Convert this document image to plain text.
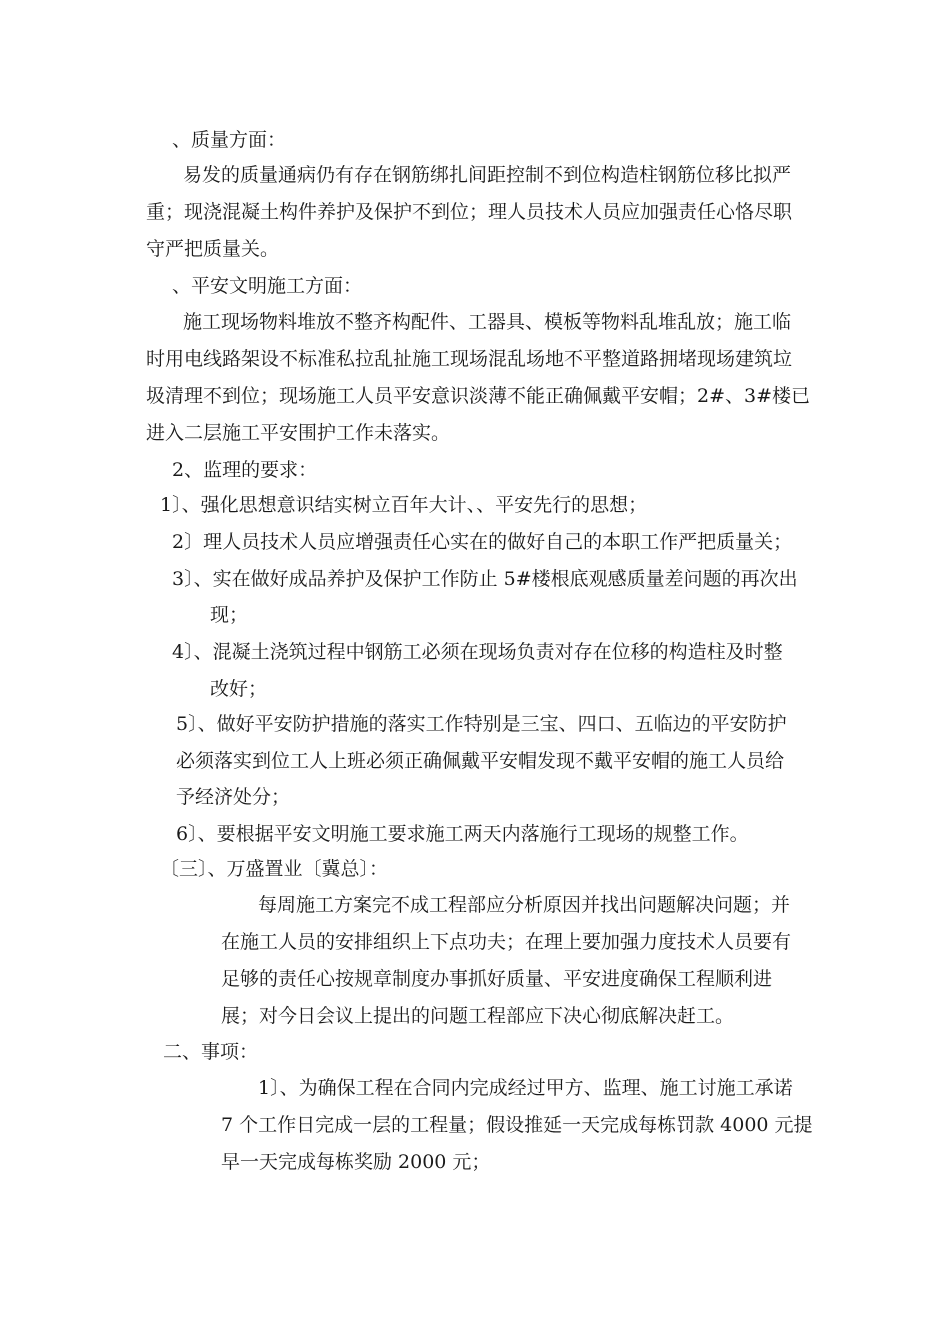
、质量方面：
易发的质量通病仍有存在钢筋绑扎间距控制不到位构造柱钢筋位移比拟严
重；现浇混凝土构件养护及保护不到位；理人员技术人员应加强责任心恪尽职
守严把质量关。
、平安文明施工方面：
施工现场物料堆放不整齐构配件、工器具、模板等物料乱堆乱放；施工临
时用电线路架设不标准私拉乱扯施工现场混乱场地不平整道路拥堵现场建筑垃
圾清理不到位；现场施工人员平安意识淡薄不能正确佩戴平安帽；2#、3#楼已
进入二层施工平安围护工作未落实。
2、监理的要求：
1〕、强化思想意识结实树立百年大计、、平安先行的思想；
2〕理人员技术人员应增强责任心实在的做好自己的本职工作严把质量关；
3〕、实在做好成品养护及保护工作防止 5#楼根底观感质量差问题的再次出
现；
4〕、混凝土浇筑过程中钢筋工必须在现场负责对存在位移的构造柱及时整
改好；
5〕、做好平安防护措施的落实工作特别是三宝、四口、五临边的平安防护
必须落实到位工人上班必须正确佩戴平安帽发现不戴平安帽的施工人员给
予经济处分；
6〕、要根据平安文明施工要求施工两天内落施行工现场的规整工作。
〔三〕、万盛置业〔冀总〕：
每周施工方案完不成工程部应分析原因并找出问题解决问题；并
在施工人员的安排组织上下点功夫；在理上要加强力度技术人员要有
足够的责任心按规章制度办事抓好质量、平安进度确保工程顺利进
展；对今日会议上提出的问题工程部应下决心彻底解决赶工。
二、事项：
1〕、为确保工程在合同内完成经过甲方、监理、施工讨施工承诺
7 个工作日完成一层的工程量；假设推延一天完成每栋罚款 4000 元提
早一天完成每栋奖励 2000 元；
